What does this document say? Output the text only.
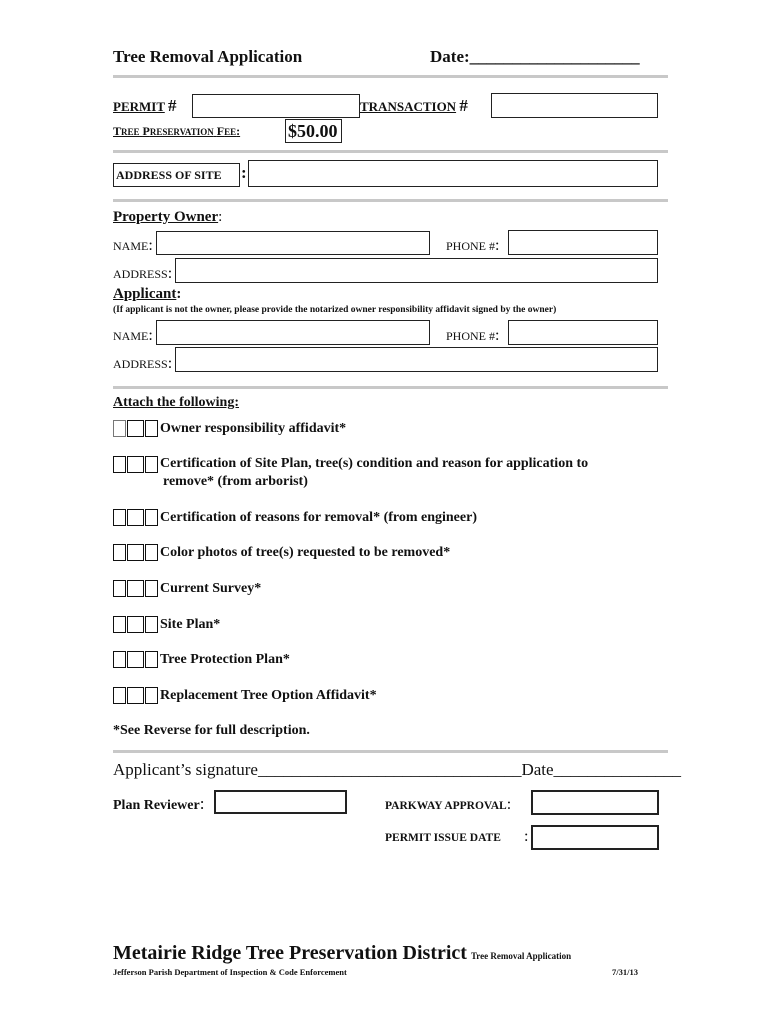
Tree Removal Application	Date:____________________
PERMIT #	TRANSACTION #
TREE PRESERVATION FEE:	$50.00
ADDRESS OF SITE	:
Property Owner:
NAME:	PHONE #:
ADDRESS:
Applicant:
(If applicant is not the owner, please provide the notarized owner responsibility affidavit signed by the owner)
NAME:	PHONE #:
ADDRESS:
Attach the following:
Owner responsibility affidavit*
Certification of Site Plan, tree(s) condition and reason for application to
remove* (from arborist)
Certification of reasons for removal* (from engineer)
Color photos of tree(s) requested to be removed*
Current Survey*
Site Plan*
Tree Protection Plan*
Replacement Tree Option Affidavit*
*See Reverse for full description.
Applicant’s signature_______________________________Date_______________
Plan Reviewer:	PARKWAY APPROVAL:
PERMIT ISSUE DATE :
Metairie Ridge Tree Preservation District Tree Removal Application
Jefferson Parish Department of Inspection & Code Enforcement	7/31/13
